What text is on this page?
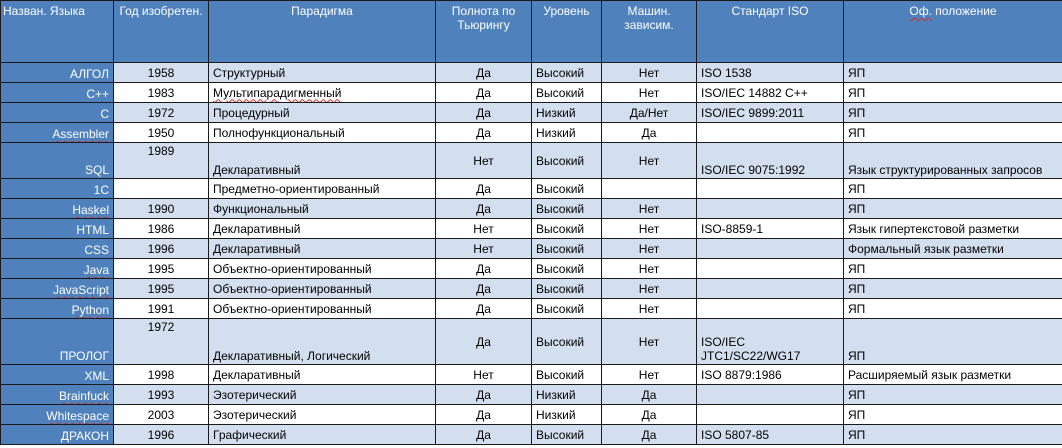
Назван. Языка	Год изобретен.	Парадигма	Полнота по Тьюрингу	Уровень	Машин. зависим.	Стандарт ISO	Оф. положение
АЛГОЛ	1958	Структурный	Да	Высокий	Нет	ISO 1538	ЯП
C++	1983	Мультипарадигменный	Да	Высокий	Нет	ISO/IEC 14882 C++	ЯП
C	1972	Процедурный	Да	Низкий	Да/Нет	ISO/IEC 9899:2011	ЯП
Assembler	1950	Полнофункциональный	Да	Низкий	Да		ЯП
SQL	1989	Декларативный	Нет	Высокий	Нет	ISO/IEC 9075:1992	Язык структурированных запросов
1C		Предметно-ориентированный	Да	Высокий			ЯП
Haskel	1990	Функциональный	Да	Высокий	Нет		ЯП
HTML	1986	Декларативный	Нет	Высокий	Нет	ISO-8859-1	Язык гипертекстовой разметки
CSS	1996	Декларативный	Нет	Высокий	Нет		Формальный язык разметки
Java	1995	Объектно-ориентированный	Да	Высокий	Нет		ЯП
JavaScript	1995	Объектно-ориентированный	Да	Высокий	Нет		ЯП
Python	1991	Объектно-ориентированный	Да	Высокий	Нет		ЯП
ПРОЛОГ	1972	Декларативный, Логический	Да	Высокий	Нет	ISO/IEC JTC1/SC22/WG17	ЯП
XML	1998	Декларативный	Нет	Высокий	Нет	ISO 8879:1986	Расширяемый язык разметки
Brainfuck	1993	Эзотерический	Да	Низкий	Да		ЯП
Whitespace	2003	Эзотерический	Да	Низкий	Да		ЯП
ДРАКОН	1996	Графический	Да	Высокий	Да	ISO 5807-85	ЯП
